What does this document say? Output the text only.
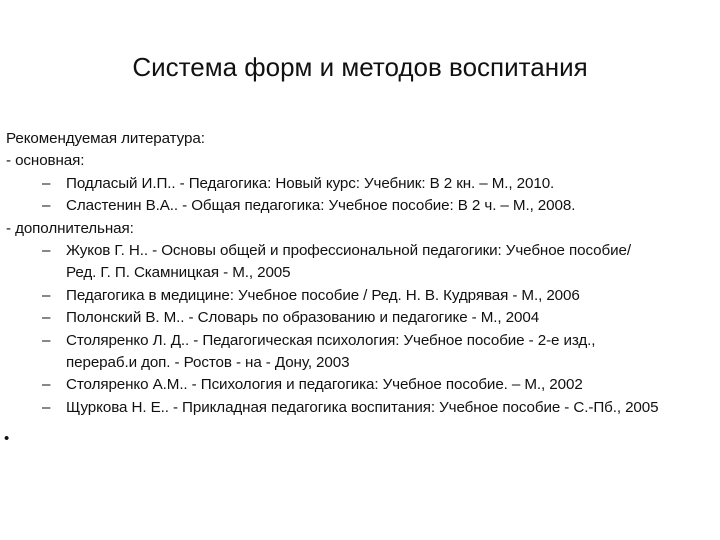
Система форм и методов воспитания
Рекомендуемая литература:
- основная:
– Подласый И.П.. - Педагогика: Новый курс: Учебник: В 2 кн. – М., 2010.
– Сластенин В.А.. - Общая педагогика: Учебное пособие: В 2 ч. – М., 2008.
- дополнительная:
– Жуков Г. Н.. - Основы общей и профессиональной педагогики: Учебное пособие/
Ред. Г. П. Скамницкая - М., 2005
– Педагогика в медицине: Учебное пособие / Ред. Н. В. Кудрявая - М., 2006
– Полонский В. М.. - Словарь по образованию и педагогике - М., 2004
– Столяренко Л. Д.. - Педагогическая психология: Учебное пособие - 2-е изд.,
перераб.и доп. - Ростов - на - Дону, 2003
– Столяренко А.М.. - Психология и педагогика: Учебное пособие. – М., 2002
– Щуркова Н. Е.. - Прикладная педагогика воспитания: Учебное пособие - С.-Пб., 2005
•
